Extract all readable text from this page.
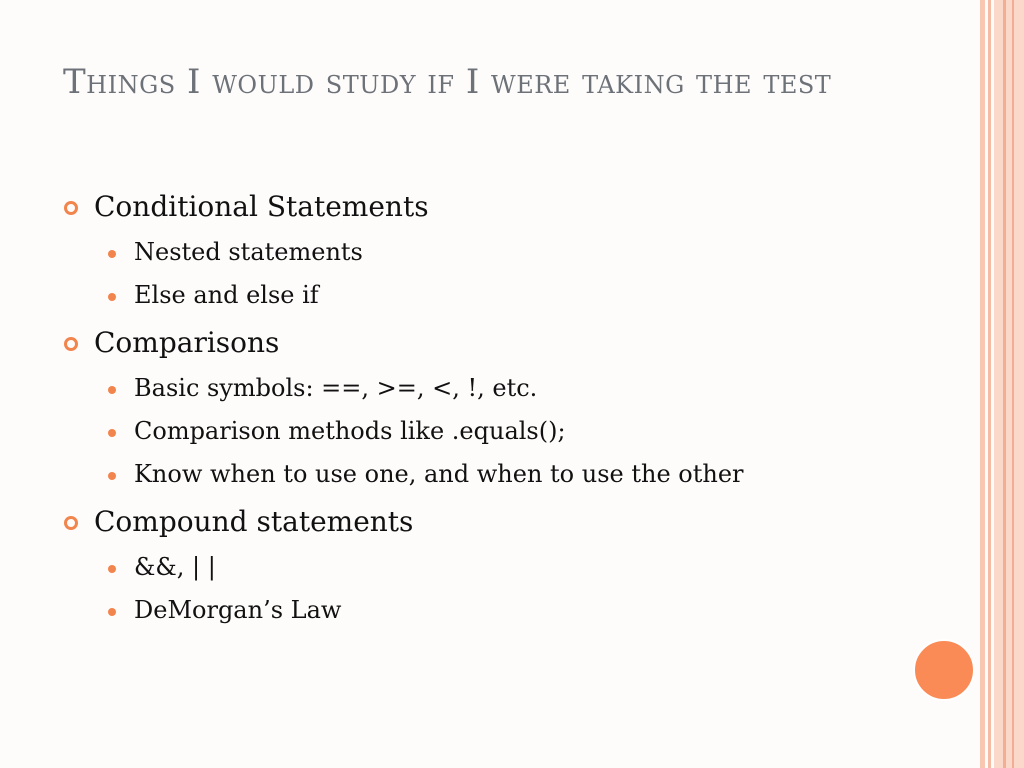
Things I would study if I were taking the test
Conditional Statements
Nested statements
Else and else if
Comparisons
Basic symbols: ==, >=, <, !, etc.
Comparison methods like .equals();
Know when to use one, and when to use the other
Compound statements
&&, | |
DeMorgan’s Law
